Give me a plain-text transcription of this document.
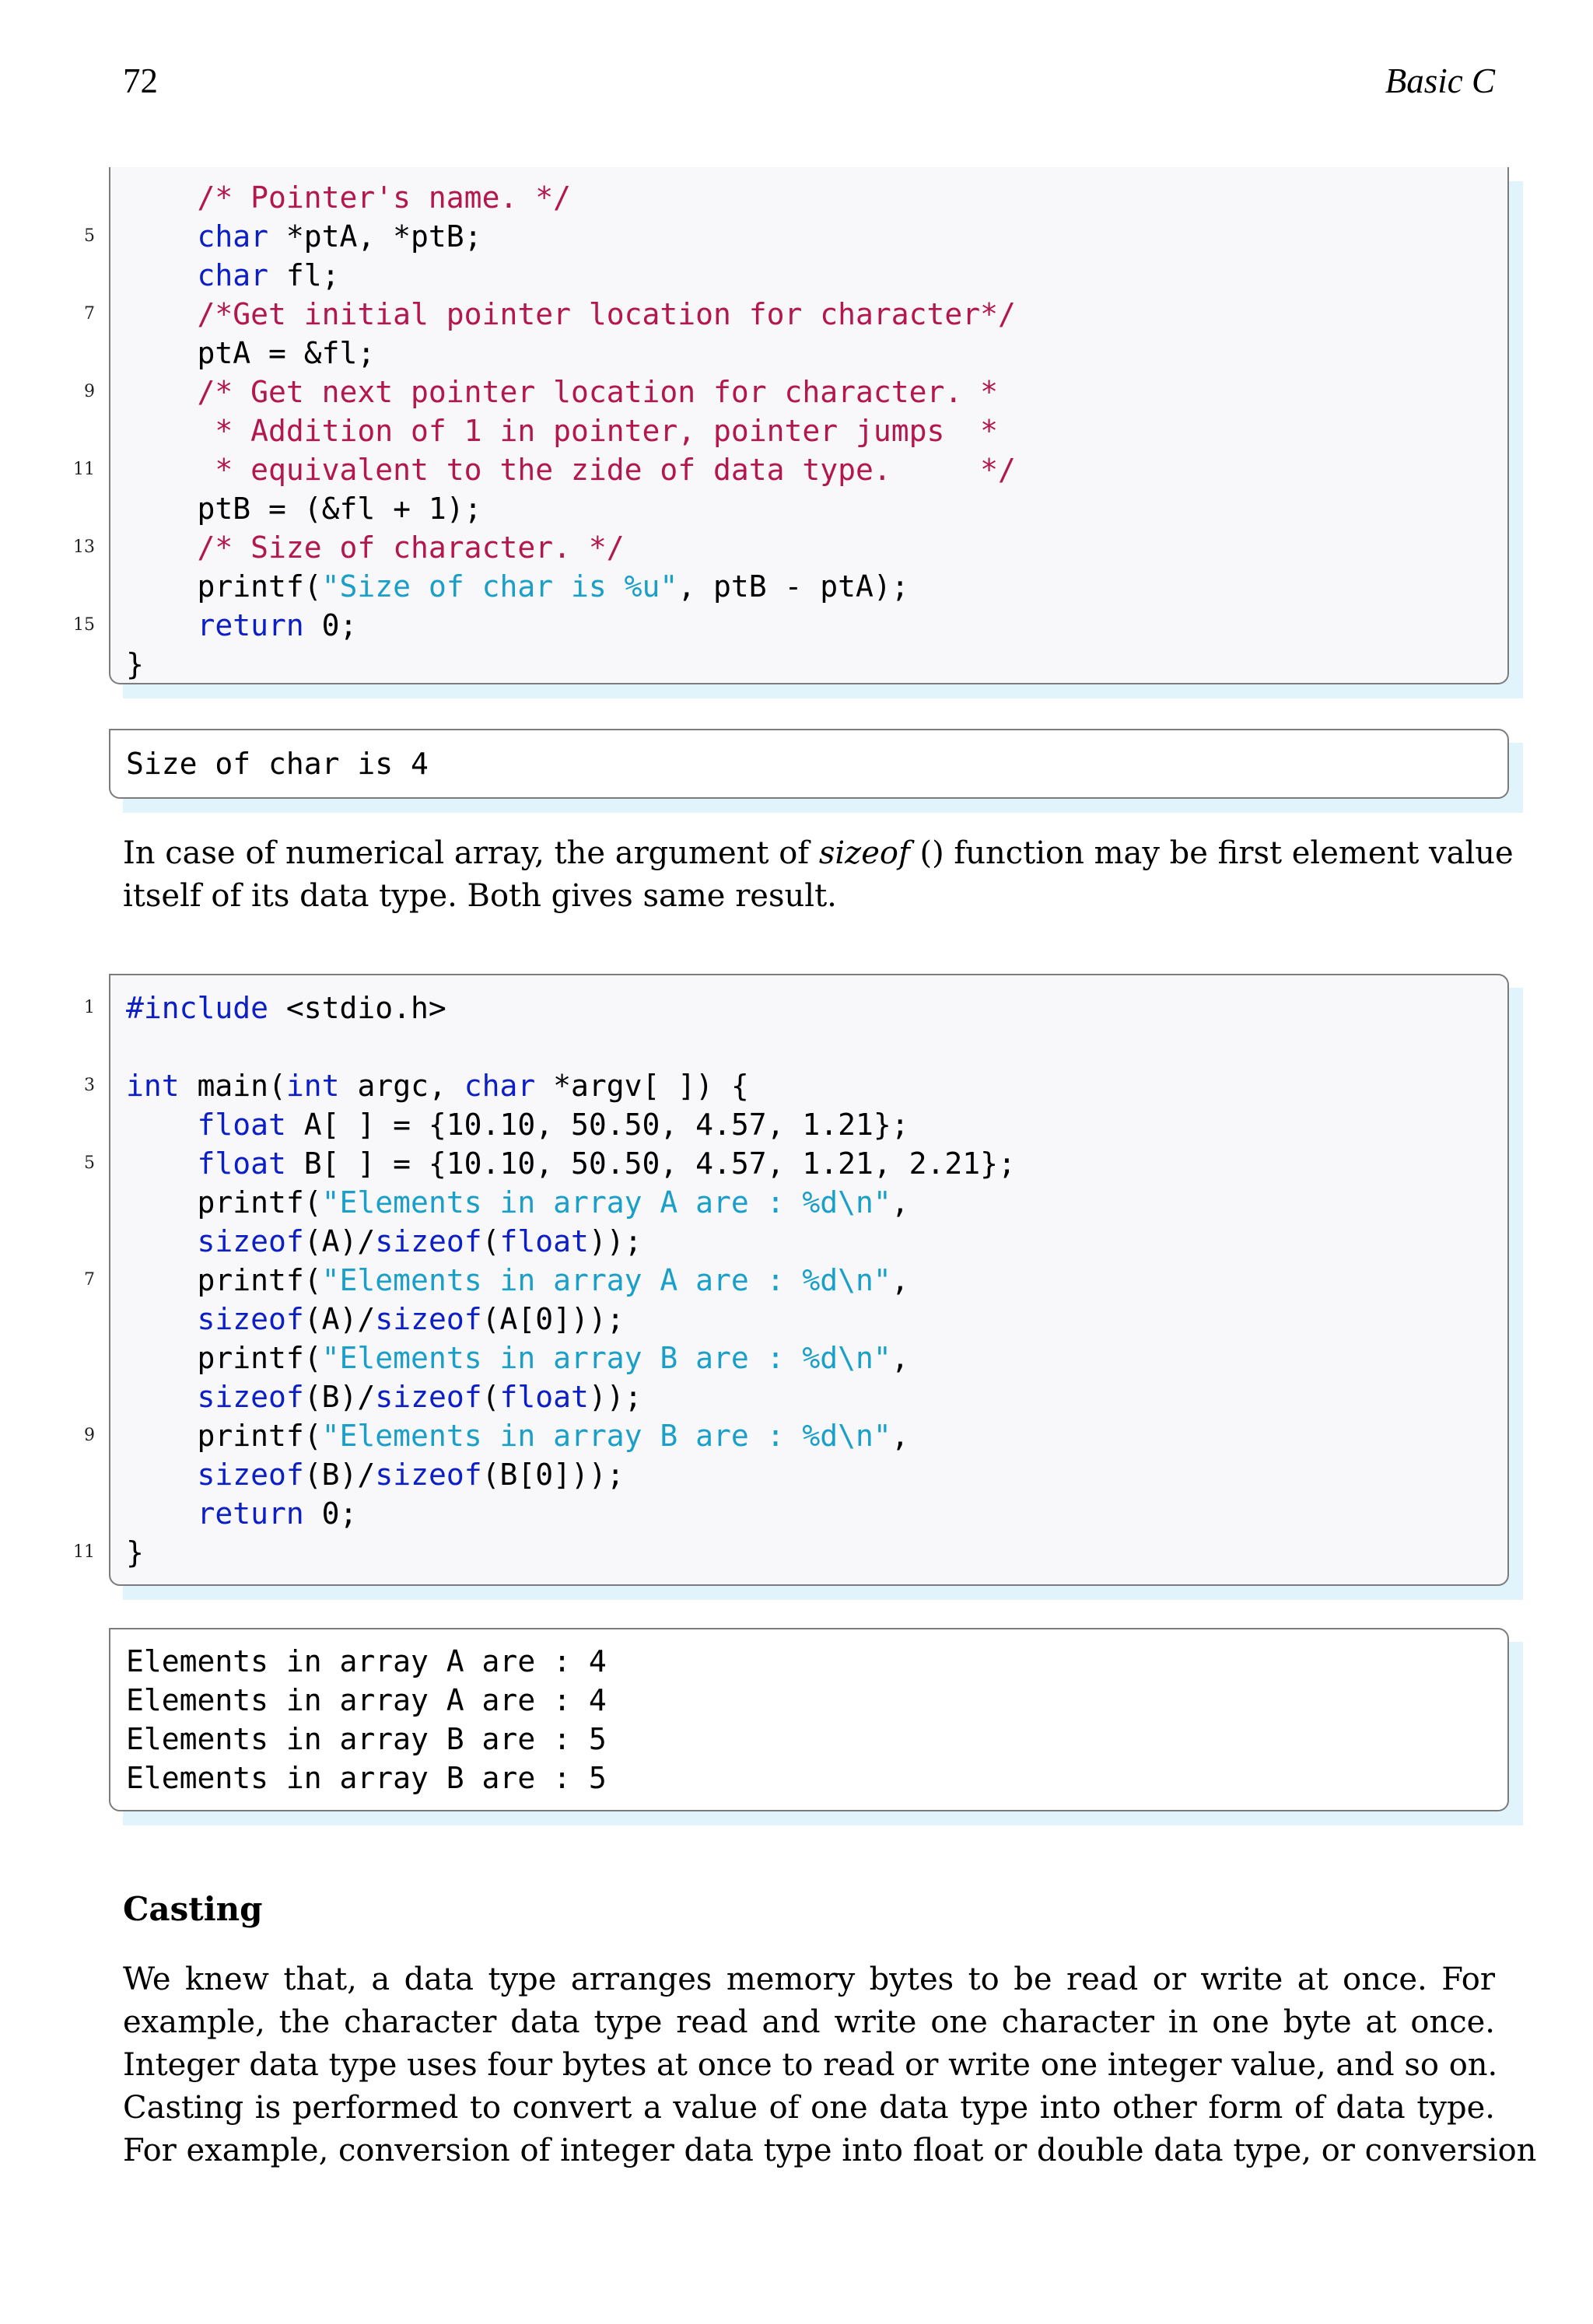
72	Basic C
/* Pointer's name. */
5	char *ptA, *ptB;
char fl;
7	/*Get initial pointer location for character*/
ptA = &fl;
9	/* Get next pointer location for character. *
* Addition of 1 in pointer, pointer jumps  *
11	* equivalent to the zide of data type.     */
ptB = (&fl + 1);
13	/* Size of character. */
printf("Size of char is %u", ptB - ptA);
15	return 0;
}
Size of char is 4
In case of numerical array, the argument of sizeof () function may be first element value
itself of its data type. Both gives same result.
1 #include <stdio.h>
3 int main(int argc, char *argv[ ]) {
float A[ ] = {10.10, 50.50, 4.57, 1.21};
5	float B[ ] = {10.10, 50.50, 4.57, 1.21, 2.21};
printf("Elements in array A are : %d\n",
sizeof(A)/sizeof(float));
7 printf("Elements in array A are : %d\n",
sizeof(A)/sizeof(A[0]));
printf("Elements in array B are : %d\n",
sizeof(B)/sizeof(float));
9 printf("Elements in array B are : %d\n",
sizeof(B)/sizeof(B[0]));
return 0;
11 }
Elements in array A are : 4
Elements in array A are : 4
Elements in array B are : 5
Elements in array B are : 5
Casting
We knew that, a data type arranges memory bytes to be read or write at once. For
example, the character data type read and write one character in one byte at once.
Integer data type uses four bytes at once to read or write one integer value, and so on.
Casting is performed to convert a value of one data type into other form of data type.
For example, conversion of integer data type into float or double data type, or conversion
